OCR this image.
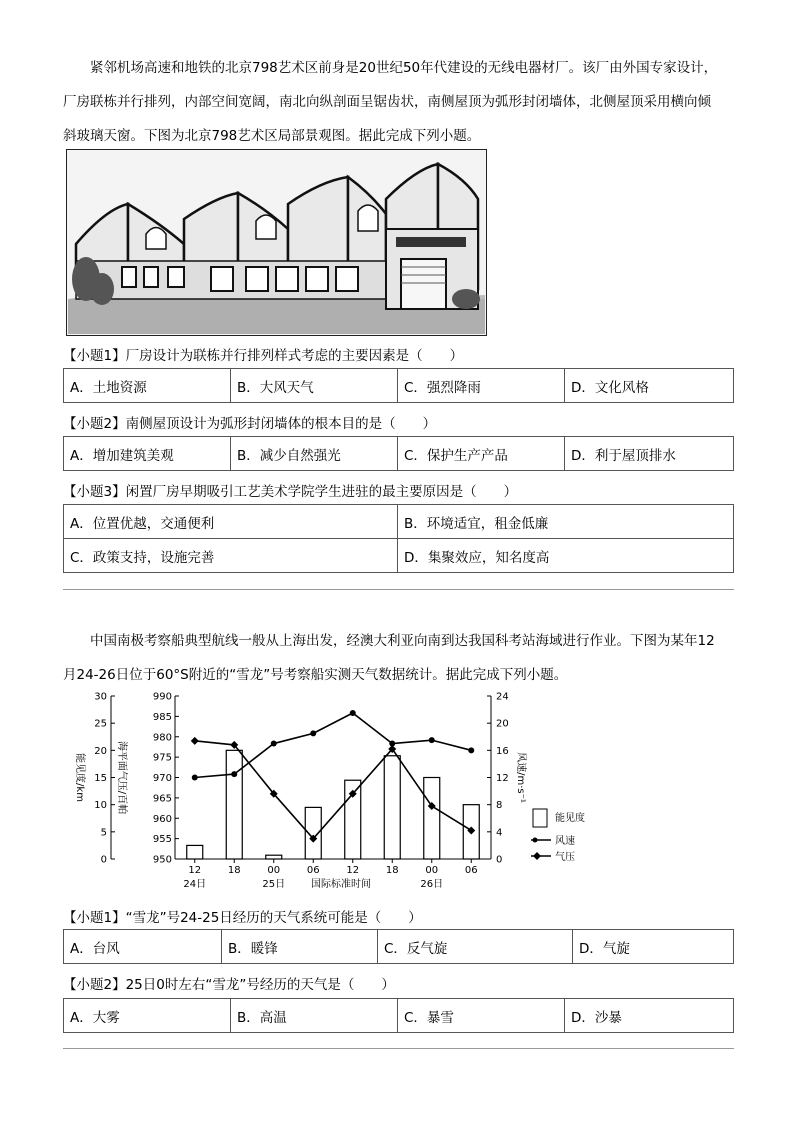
紧邻机场高速和地铁的北京798艺术区前身是20世纪50年代建设的无线电器材厂。该厂由外国专家设计，

厂房联栋并行排列，内部空间宽阔，南北向纵剖面呈锯齿状，南侧屋顶为弧形封闭墙体，北侧屋顶采用横向倾

斜玻璃天窗。下图为北京798艺术区局部景观图。据此完成下列小题。

【小题1】厂房设计为联栋并行排列样式考虑的主要因素是（　　）
A．土地资源	B．大风天气	C．强烈降雨	D．文化风格
【小题2】南侧屋顶设计为弧形封闭墙体的根本目的是（　　）
A．增加建筑美观	B．减少自然强光	C．保护生产产品	D．利于屋顶排水
【小题3】闲置厂房早期吸引工艺美术学院学生进驻的最主要原因是（　　）
A．位置优越，交通便利	B．环境适宜，租金低廉
C．政策支持，设施完善	D．集聚效应，知名度高

中国南极考察船典型航线一般从上海出发，经澳大利亚向南到达我国科考站海域进行作业。下图为某年12

月24-26日位于60°S附近的“雪龙”号考察船实测天气数据统计。据此完成下列小题。

0
5
10
15
20
25
30
950
955
960
965
970
975
980
985
990
0
4
8
12
16
20
24
能见度/km	海平面气压/百帕	风速/m·s⁻¹
12	18	00	06	12	18	00	06
24日	25日	26日
国际标准时间
能见度
风速
气压
【小题1】“雪龙”号24-25日经历的天气系统可能是（　　）
A．台风	B．暖锋	C．反气旋	D．气旋
【小题2】25日0时左右“雪龙”号经历的天气是（　　）
A．大雾	B．高温	C．暴雪	D．沙暴
